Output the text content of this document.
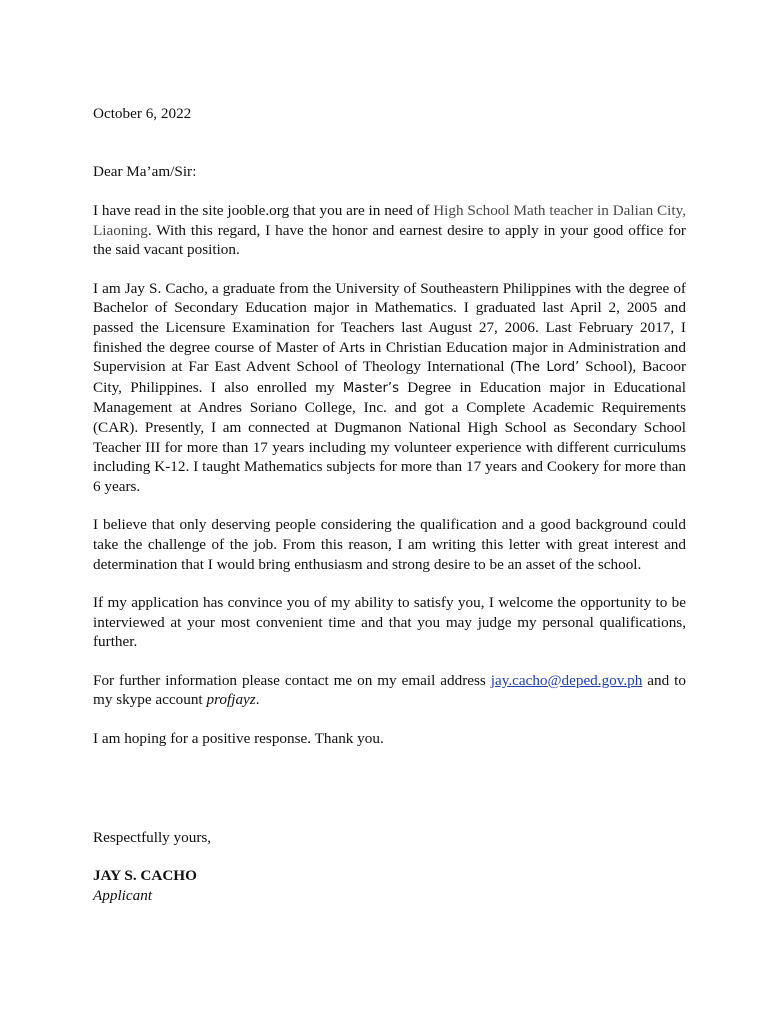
October 6, 2022
Dear Ma’am/Sir:

I have read in the site jooble.org that you are in need of High School Math teacher in Dalian City, Liaoning. With this regard, I have the honor and earnest desire to apply in your good office for the said vacant position.

I am Jay S. Cacho, a graduate from the University of Southeastern Philippines with the degree of Bachelor of Secondary Education major in Mathematics. I graduated last April 2, 2005 and passed the Licensure Examination for Teachers last August 27, 2006. Last February 2017, I finished the degree course of Master of Arts in Christian Education major in Administration and Supervision at Far East Advent School of Theology International (The Lord’ School), Bacoor City, Philippines. I also enrolled my Master’s Degree in Education major in Educational Management at Andres Soriano College, Inc. and got a Complete Academic Requirements (CAR). Presently, I am connected at Dugmanon National High School as Secondary School Teacher III for more than 17 years including my volunteer experience with different curriculums including K-12. I taught Mathematics subjects for more than 17 years and Cookery for more than 6 years.

I believe that only deserving people considering the qualification and a good background could take the challenge of the job. From this reason, I am writing this letter with great interest and determination that I would bring enthusiasm and strong desire to be an asset of the school.

If my application has convince you of my ability to satisfy you, I welcome the opportunity to be interviewed at your most convenient time and that you may judge my personal qualifications, further.

For further information please contact me on my email address jay.cacho@deped.gov.ph and to my skype account profjayz.

I am hoping for a positive response. Thank you.

Respectfully yours,
JAY S. CACHO
Applicant
